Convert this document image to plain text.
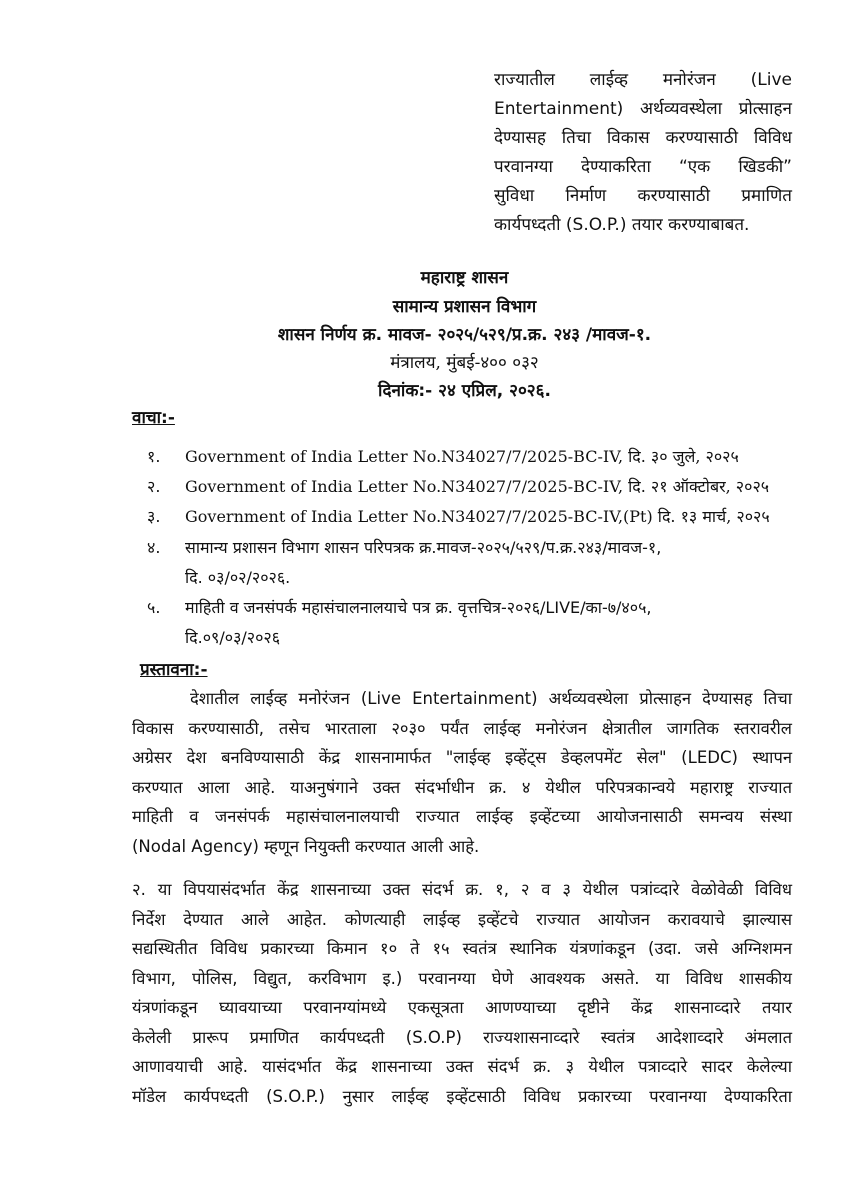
राज्यातील लाईव्ह मनोरंजन (Live
Entertainment) अर्थव्यवस्थेला प्रोत्साहन
देण्यासह तिचा विकास करण्यासाठी विविध
परवानग्या देण्याकरिता “एक खिडकी”
सुविधा निर्माण करण्यासाठी प्रमाणित
कार्यपध्दती (S.O.P.) तयार करण्याबाबत.
महाराष्ट्र शासन
सामान्य प्रशासन विभाग
शासन निर्णय क्र. मावज- २०२५/५२९/प्र.क्र. २४३ /मावज-१.
मंत्रालय, मुंबई-४०० ०३२
दिनांक:- २४ एप्रिल, २०२६.
वाचा:-
१. Government of India Letter No.N34027/7/2025-BC-IV, दि. ३० जुले, २०२५
२. Government of India Letter No.N34027/7/2025-BC-IV, दि. २१ ऑक्टोबर, २०२५
३. Government of India Letter No.N34027/7/2025-BC-IV,(Pt) दि. १३ मार्च, २०२५
४. सामान्य प्रशासन विभाग शासन परिपत्रक क्र.मावज-२०२५/५२९/प.क्र.२४३/मावज-१,
दि. ०३/०२/२०२६.
५. माहिती व जनसंपर्क महासंचालनालयाचे पत्र क्र. वृत्तचित्र-२०२६/LIVE/का-७/४०५,
दि.०९/०३/२०२६
प्रस्तावना:-
देशातील लाईव्ह मनोरंजन (Live Entertainment) अर्थव्यवस्थेला प्रोत्साहन देण्यासह तिचा
विकास करण्यासाठी, तसेच भारताला २०३० पर्यंत लाईव्ह मनोरंजन क्षेत्रातील जागतिक स्तरावरील
अग्रेसर देश बनविण्यासाठी केंद्र शासनामार्फत "लाईव्ह इव्हेंट्स डेव्हलपमेंट सेल" (LEDC) स्थापन
करण्यात आला आहे. याअनुषंगाने उक्त संदर्भाधीन क्र. ४ येथील परिपत्रकान्वये महाराष्ट्र राज्यात
माहिती व जनसंपर्क महासंचालनालयाची राज्यात लाईव्ह इव्हेंटच्या आयोजनासाठी समन्वय संस्था
(Nodal Agency) म्हणून नियुक्ती करण्यात आली आहे.
२. या विपयासंदर्भात केंद्र शासनाच्या उक्त संदर्भ क्र. १, २ व ३ येथील पत्रांव्दारे वेळोवेळी विविध
निर्देश देण्यात आले आहेत. कोणत्याही लाईव्ह इव्हेंटचे राज्यात आयोजन करावयाचे झाल्यास
सद्यस्थितीत विविध प्रकारच्या किमान १० ते १५ स्वतंत्र स्थानिक यंत्रणांकडून (उदा. जसे अग्निशमन
विभाग, पोलिस, विद्युत, करविभाग इ.) परवानग्या घेणे आवश्यक असते. या विविध शासकीय
यंत्रणांकडून घ्यावयाच्या परवानग्यांमध्ये एकसूत्रता आणण्याच्या दृष्टीने केंद्र शासनाव्दारे तयार
केलेली प्रारूप प्रमाणित कार्यपध्दती (S.O.P) राज्यशासनाव्दारे स्वतंत्र आदेशाव्दारे अंमलात
आणावयाची आहे. यासंदर्भात केंद्र शासनाच्या उक्त संदर्भ क्र. ३ येथील पत्राव्दारे सादर केलेल्या
मॉडेल कार्यपध्दती (S.O.P.) नुसार लाईव्ह इव्हेंटसाठी विविध प्रकारच्या परवानग्या देण्याकरिता
